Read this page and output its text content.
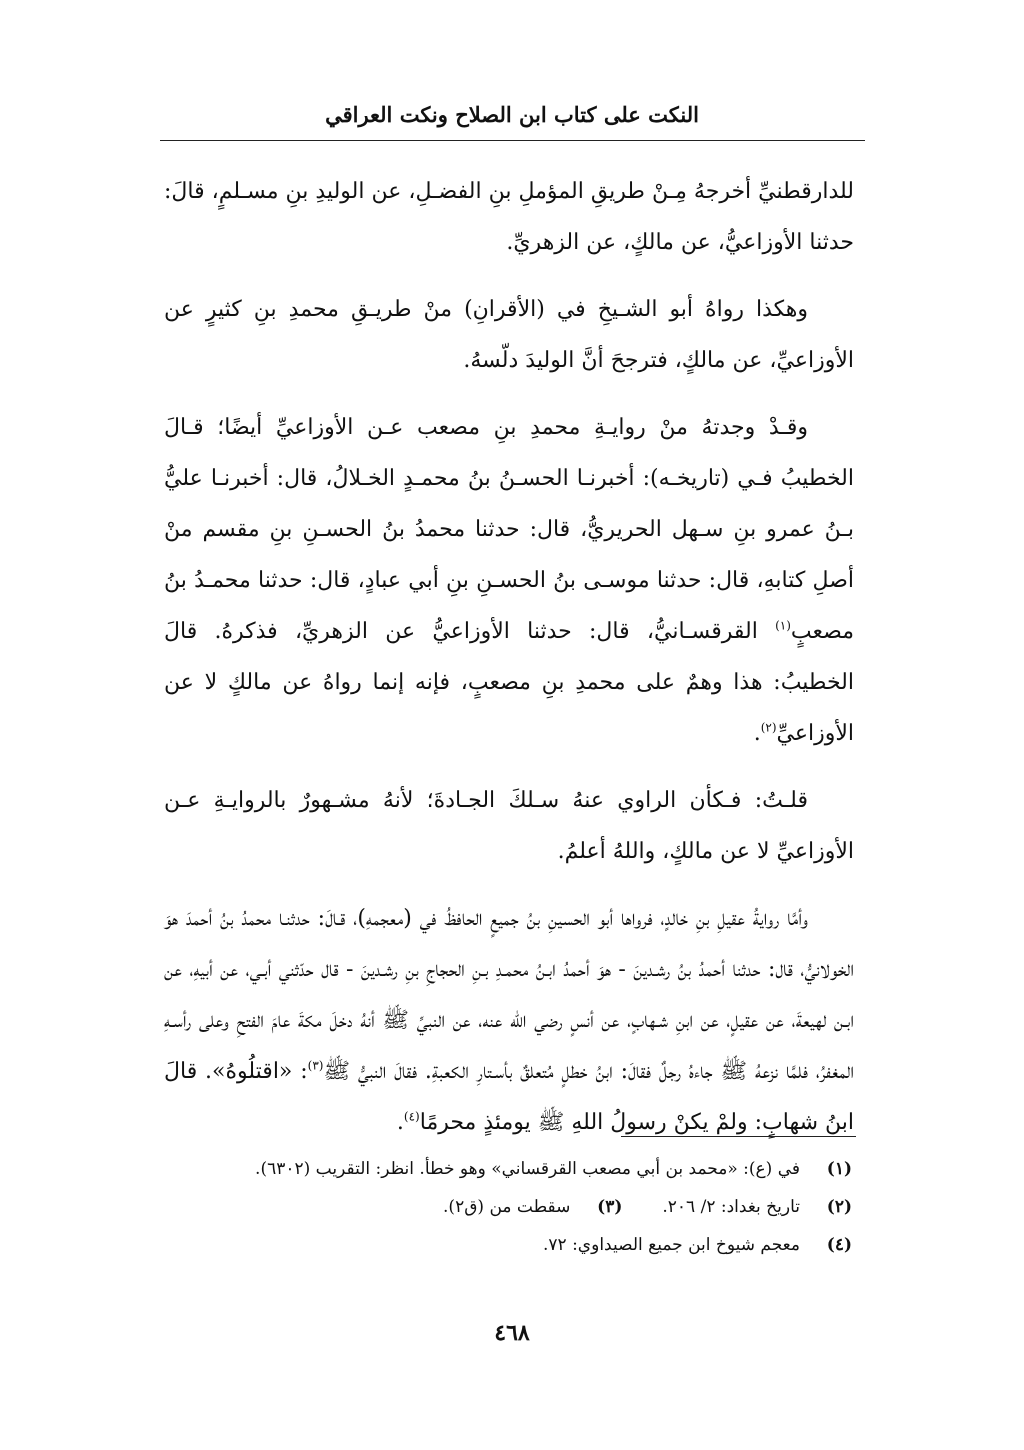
النكت على كتاب ابن الصلاح ونكت العراقي

للدارقطنيِّ أخرجهُ مِـنْ طريقِ المؤملِ بنِ الفضـلِ، عن الوليدِ بنِ مسـلمٍ، قالَ: حدثنا الأوزاعيُّ، عن مالكٍ، عن الزهريِّ.

وهكذا رواهُ أبو الشـيخِ في (الأقرانِ) منْ طريـقِ محمدِ بنِ كثيرٍ عن الأوزاعيِّ، عن مالكٍ، فترجحَ أنَّ الوليدَ دلّسهُ.

وقـدْ وجدتهُ منْ روايـةِ محمدِ بنِ مصعب عـن الأوزاعيِّ أيضًا؛ قـالَ الخطيبُ فـي (تاريخـه): أخبرنـا الحسـنُ بنُ محمـدٍ الخـلالُ، قال: أخبرنـا عليُّ بـنُ عمرو بنِ سـهل الحريريُّ، قال: حدثنا محمدُ بنُ الحسـنِ بنِ مقسم منْ أصلِ كتابهِ، قال: حدثنا موسـى بنُ الحسـنِ بنِ أبي عبادٍ، قال: حدثنا محمـدُ بنُ مصعبٍ$^{(١)}$ القرقسـانيُّ، قال: حدثنا الأوزاعيُّ عن الزهريِّ، فذكرهُ. قالَ الخطيبُ: هذا وهمٌ على محمدِ بنِ مصعبٍ، فإنه إنما رواهُ عن مالكٍ لا عن الأوزاعيِّ$^{(٢)}$.

قلـتُ: فـكأن الراوي عنهُ سـلكَ الجـادةَ؛ لأنهُ مشـهورٌ بالروايـةِ عـن الأوزاعيِّ لا عن مالكٍ، واللهُ أعلمُ.

وأمَّا روايةُ عقيلِ بنِ خالدٍ، فرواها أبو الحسينِ بنُ جميعٍ الحافظُ في (معجمهِ)، قـالَ: حدثنـا محمدُ بنُ أحمدَ هوَ الخولانيُّ، قال: حدثنا أحمدُ بنُ رشـدينَ - هوَ أحمدُ ابـنُ محمـدِ بـنِ الحجاجِ بنِ رشـدينَ - قال حدّثني أبـي، عن أبيهِ، عن ابـن لهيعةَ، عن عقيلٍ، عن ابنِ شـهابٍ، عن أنسٍ رضي الله عنه، عن النبيِّ ﷺ أنهُ دخلَ مكةَ عامَ الفتحِ وعلى رأسـهِ المغفرُ، فلمَّا نزعهُ ﷺ جاءهُ رجلٌ فقالَ: ابنُ خطلٍ مُتعلقٌ بأسـتارِ الكعبةِ. فقالَ النبيُّ ﷺ$^{(٣)}$: «اقتلُوهُ». قالَ ابنُ شهابٍ: ولمْ يكنْ رسولُ اللهِ ﷺ يومئذٍ محرمًا$^{(٤)}$.

(١)
في (ع): «محمد بن أبي مصعب القرقساني» وهو خطأ. انظر: التقريب (٦٣٠٢).
(٢)
تاريخ بغداد: ٢/ ٢٠٦.
(٣)
سقطت من (ق٢).
(٤)
معجم شيوخ ابن جميع الصيداوي: ٧٢.
٤٦٨
